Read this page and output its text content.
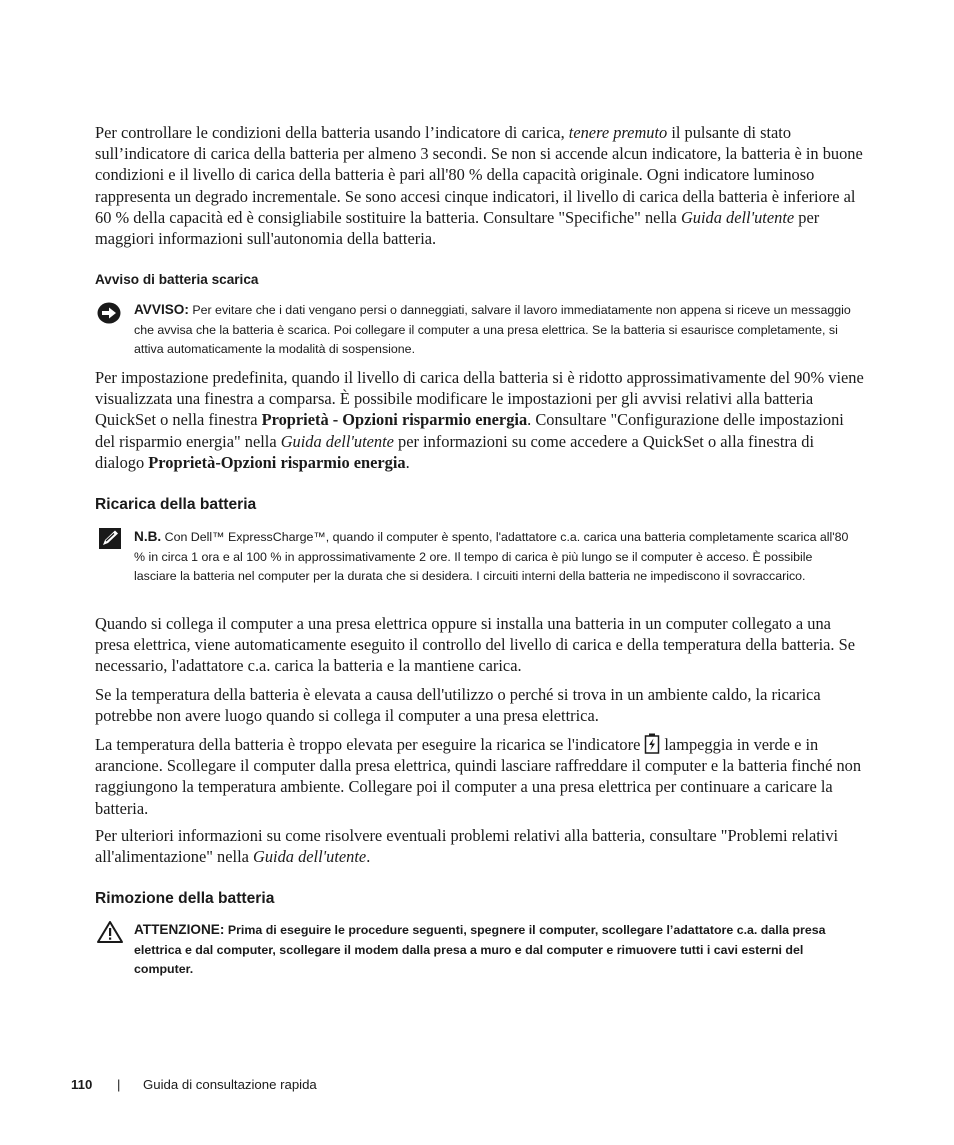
Per controllare le condizioni della batteria usando l’indicatore di carica, tenere premuto il pulsante di stato sull’indicatore di carica della batteria per almeno 3 secondi. Se non si accende alcun indicatore, la batteria è in buone condizioni e il livello di carica della batteria è pari all'80 % della capacità originale. Ogni indicatore luminoso rappresenta un degrado incrementale. Se sono accesi cinque indicatori, il livello di carica della batteria è inferiore al 60 % della capacità ed è consigliabile sostituire la batteria. Consultare "Specifiche" nella Guida dell'utente per maggiori informazioni sull'autonomia della batteria.

Avviso di batteria scarica
AVVISO: Per evitare che i dati vengano persi o danneggiati, salvare il lavoro immediatamente non appena si riceve un messaggio che avvisa che la batteria è scarica. Poi collegare il computer a una presa elettrica. Se la batteria si esaurisce completamente, si attiva automaticamente la modalità di sospensione.

Per impostazione predefinita, quando il livello di carica della batteria si è ridotto approssimativamente del 90% viene visualizzata una finestra a comparsa. È possibile modificare le impostazioni per gli avvisi relativi alla batteria QuickSet o nella finestra Proprietà - Opzioni risparmio energia. Consultare "Configurazione delle impostazioni del risparmio energia" nella Guida dell'utente per informazioni su come accedere a QuickSet o alla finestra di dialogo Proprietà-Opzioni risparmio energia.

Ricarica della batteria
N.B. Con Dell™ ExpressCharge™, quando il computer è spento, l'adattatore c.a. carica una batteria completamente scarica all'80 % in circa 1 ora e al 100 % in approssimativamente 2 ore. Il tempo di carica è più lungo se il computer è acceso. È possibile lasciare la batteria nel computer per la durata che si desidera. I circuiti interni della batteria ne impediscono il sovraccarico.

Quando si collega il computer a una presa elettrica oppure si installa una batteria in un computer collegato a una presa elettrica, viene automaticamente eseguito il controllo del livello di carica e della temperatura della batteria. Se necessario, l'adattatore c.a. carica la batteria e la mantiene carica.

Se la temperatura della batteria è elevata a causa dell'utilizzo o perché si trova in un ambiente caldo, la ricarica potrebbe non avere luogo quando si collega il computer a una presa elettrica.

La temperatura della batteria è troppo elevata per eseguire la ricarica se l'indicatore lampeggia in verde e in arancione. Scollegare il computer dalla presa elettrica, quindi lasciare raffreddare il computer e la batteria finché non raggiungono la temperatura ambiente. Collegare poi il computer a una presa elettrica per continuare a caricare la batteria.

Per ulteriori informazioni su come risolvere eventuali problemi relativi alla batteria, consultare "Problemi relativi all'alimentazione" nella Guida dell'utente.

Rimozione della batteria
ATTENZIONE: Prima di eseguire le procedure seguenti, spegnere il computer, scollegare l’adattatore c.a. dalla presa elettrica e dal computer, scollegare il modem dalla presa a muro e dal computer e rimuovere tutti i cavi esterni del computer.
110 | Guida di consultazione rapida
